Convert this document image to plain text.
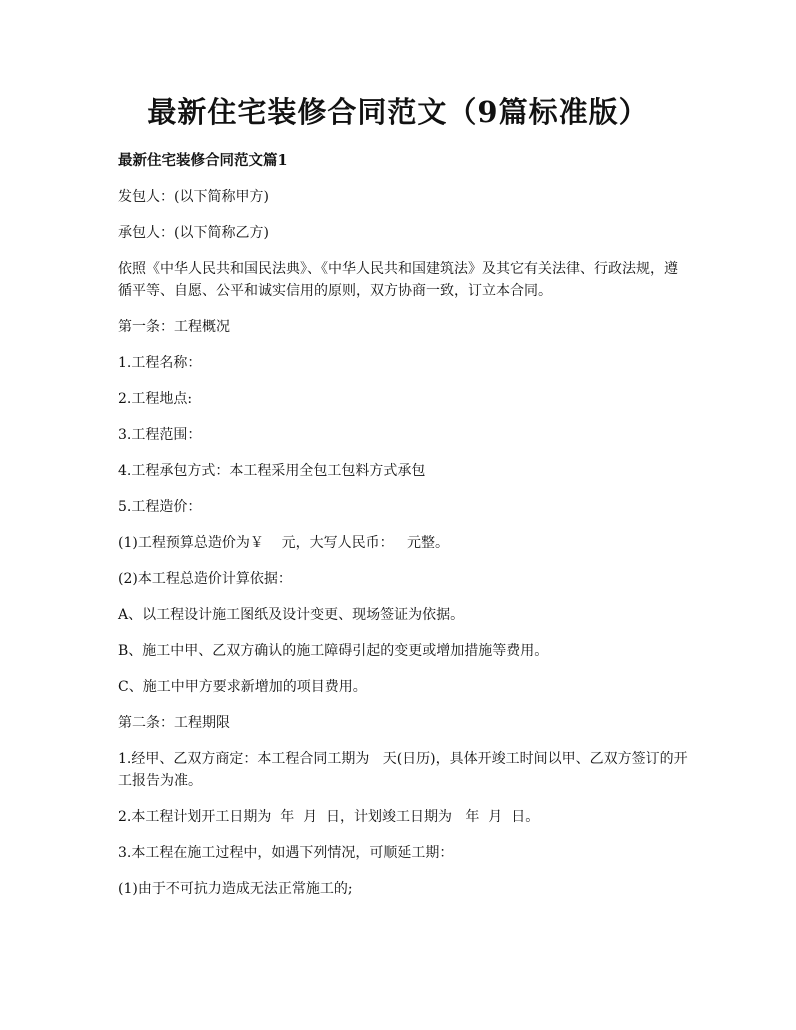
最新住宅装修合同范文（9篇标准版）

最新住宅装修合同范文篇1

发包人：(以下简称甲方)

承包人：(以下简称乙方)

依照《中华人民共和国民法典》、《中华人民共和国建筑法》及其它有关法律、行政法规，遵循平等、自愿、公平和诚实信用的原则，双方协商一致，订立本合同。

第一条：工程概况

1.工程名称：

2.工程地点:

3.工程范围：

4.工程承包方式：本工程采用全包工包料方式承包

5.工程造价：

(1)工程预算总造价为￥    元，大写人民币：   元整。

(2)本工程总造价计算依据：

A、以工程设计施工图纸及设计变更、现场签证为依据。

B、施工中甲、乙双方确认的施工障碍引起的变更或增加措施等费用。

C、施工中甲方要求新增加的项目费用。

第二条：工程期限

1.经甲、乙双方商定：本工程合同工期为   天(日历)，具体开竣工时间以甲、乙双方签订的开工报告为准。

2.本工程计划开工日期为  年  月  日，计划竣工日期为   年  月  日。

3.本工程在施工过程中，如遇下列情况，可顺延工期：

(1)由于不可抗力造成无法正常施工的;
